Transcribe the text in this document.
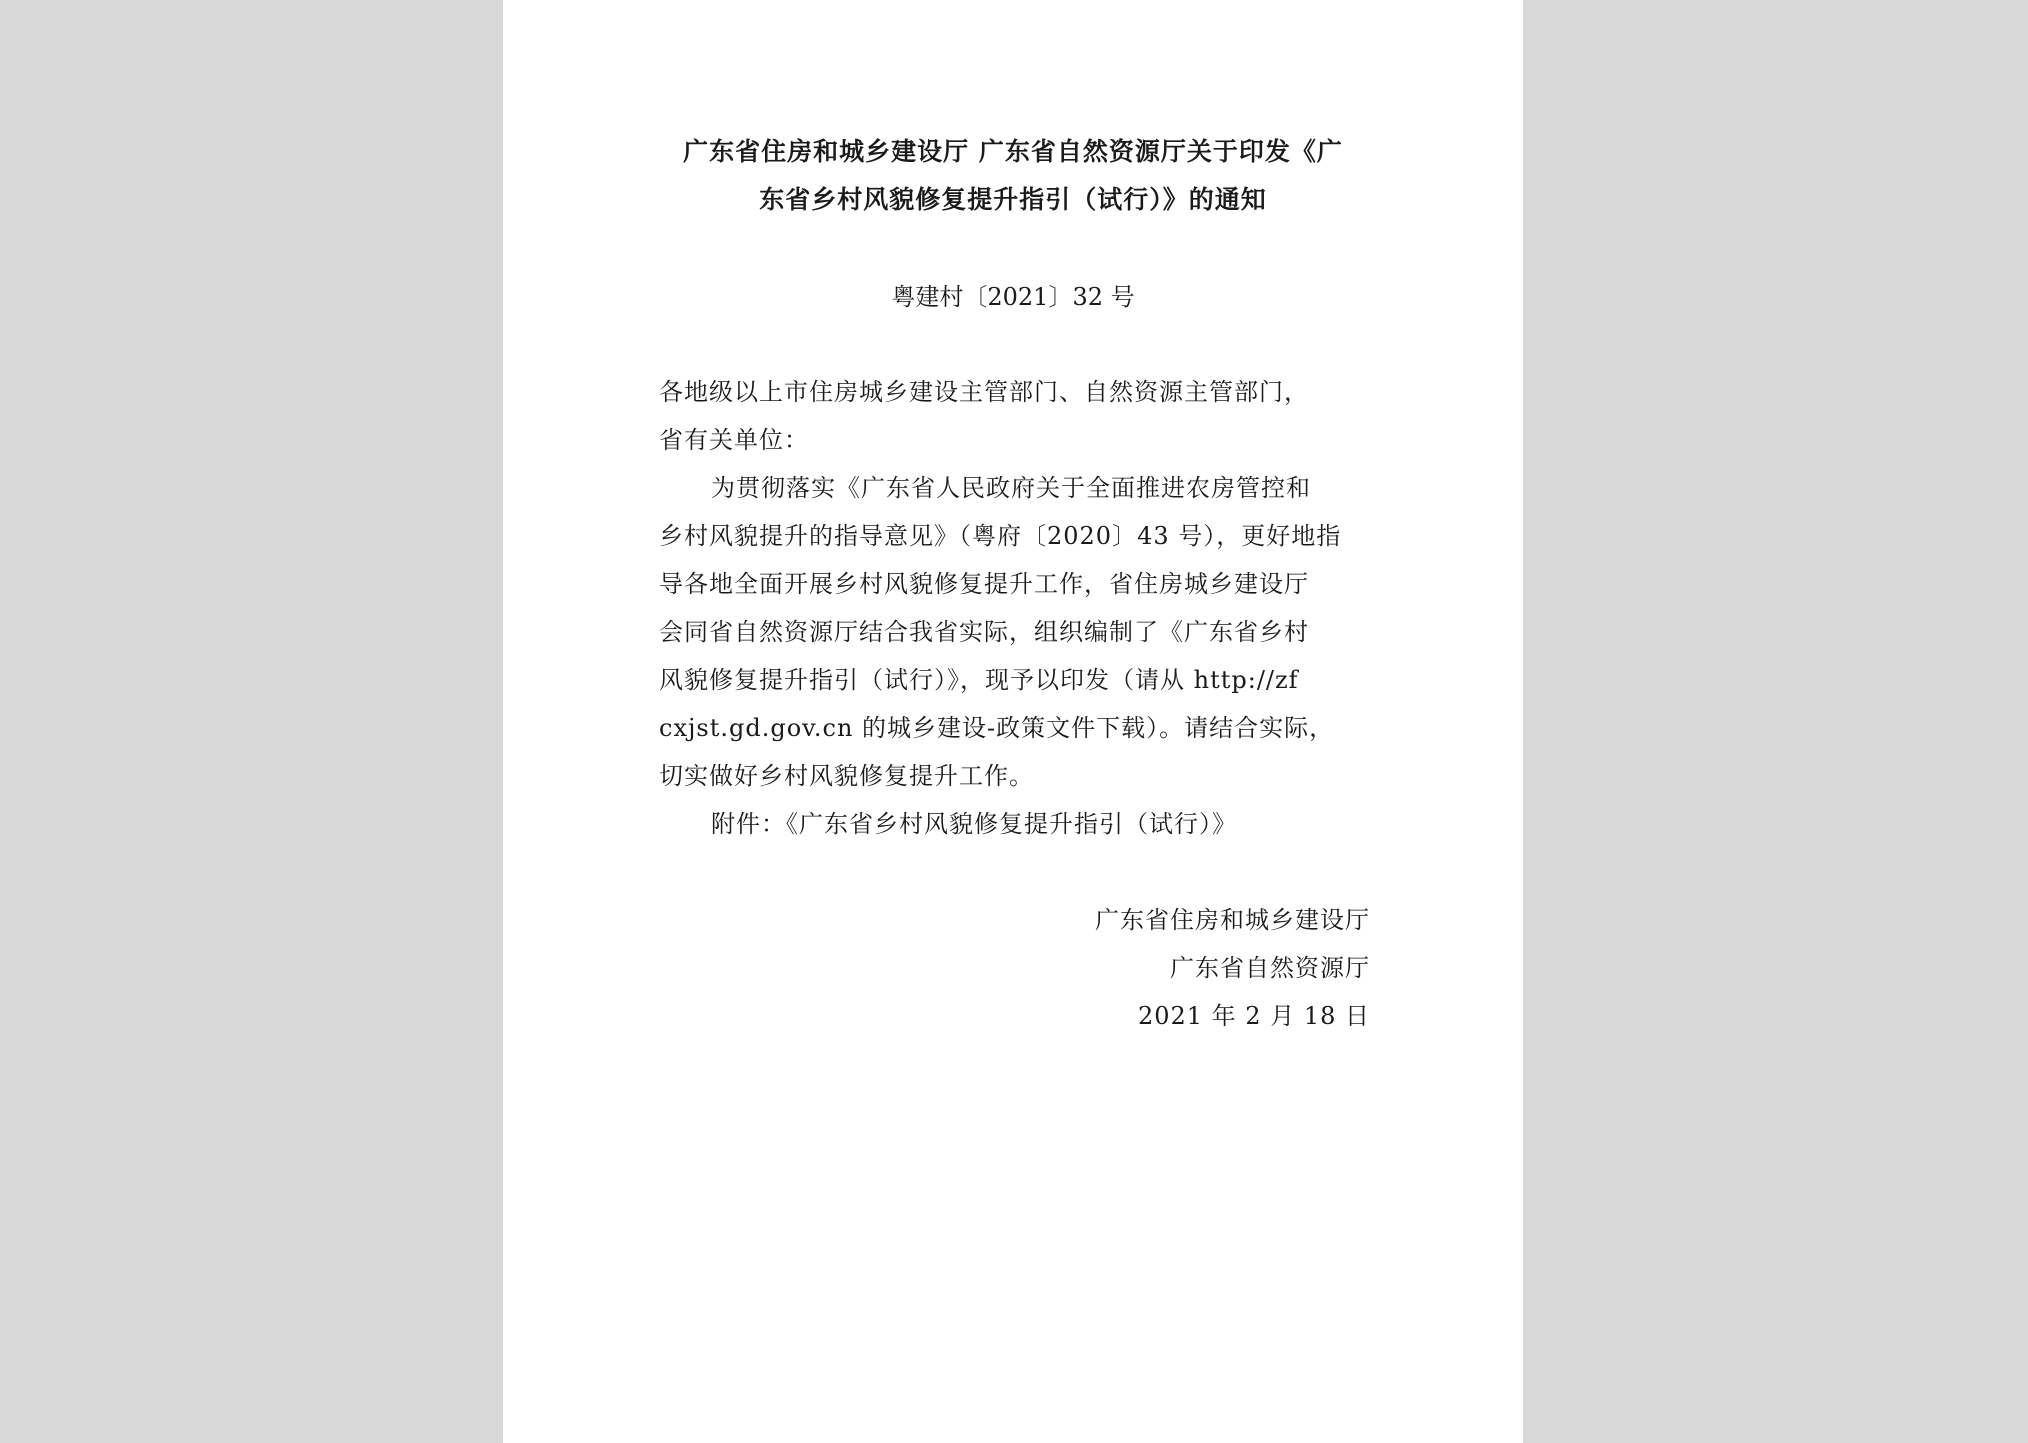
广东省住房和城乡建设厅 广东省自然资源厅关于印发《广
东省乡村风貌修复提升指引（试行）》的通知
粤建村〔2021〕32 号
各地级以上市住房城乡建设主管部门、自然资源主管部门，
省有关单位：
为贯彻落实《广东省人民政府关于全面推进农房管控和
乡村风貌提升的指导意见》（粤府〔2020〕43 号），更好地指
导各地全面开展乡村风貌修复提升工作，省住房城乡建设厅
会同省自然资源厅结合我省实际，组织编制了《广东省乡村
风貌修复提升指引（试行）》，现予以印发（请从 http://zf
cxjst.gd.gov.cn 的城乡建设-政策文件下载）。请结合实际，
切实做好乡村风貌修复提升工作。
附件：《广东省乡村风貌修复提升指引（试行）》
广东省住房和城乡建设厅
广东省自然资源厅
2021 年 2 月 18 日
